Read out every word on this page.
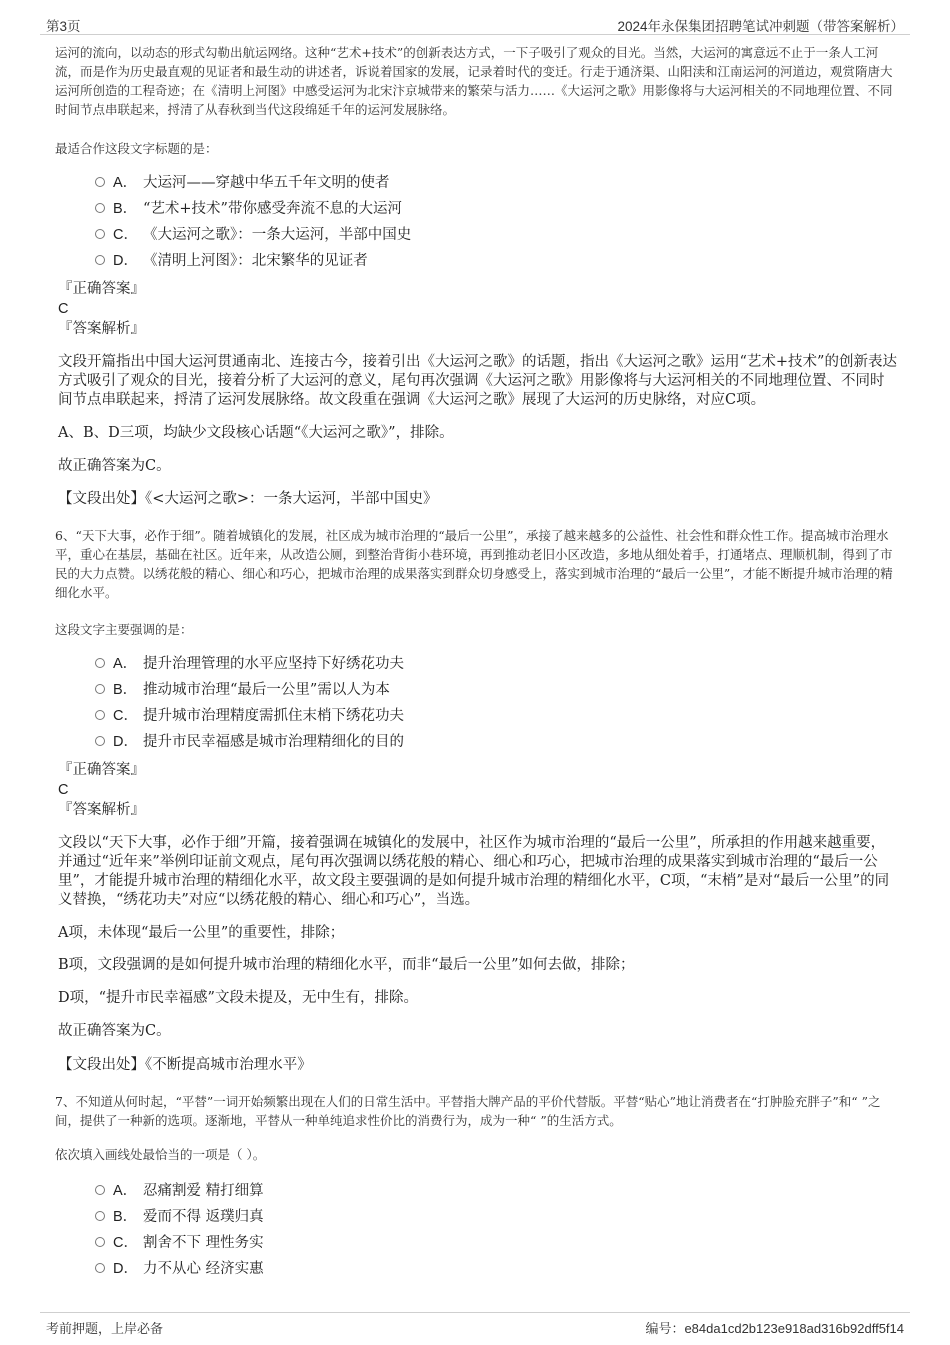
第3页	2024年永保集团招聘笔试冲刺题（带答案解析）

运河的流向，以动态的形式勾勒出航运网络。这种“艺术+技术”的创新表达方式，一下子吸引了观众的目光。当然，大运河的寓意远不止于一条人工河流，而是作为历史最直观的见证者和最生动的讲述者，诉说着国家的发展，记录着时代的变迁。行走于通济渠、山阳渎和江南运河的河道边，观赏隋唐大运河所创造的工程奇迹；在《清明上河图》中感受运河为北宋汴京城带来的繁荣与活力……《大运河之歌》用影像将与大运河相关的不同地理位置、不同时间节点串联起来，捋清了从春秋到当代这段绵延千年的运河发展脉络。

最适合作这段文字标题的是：

A． 大运河——穿越中华五千年文明的使者
B． “艺术+技术”带你感受奔流不息的大运河
C． 《大运河之歌》：一条大运河，半部中国史
D． 《清明上河图》：北宋繁华的见证者

『正确答案』

C

『答案解析』

文段开篇指出中国大运河贯通南北、连接古今，接着引出《大运河之歌》的话题，指出《大运河之歌》运用“艺术+技术”的创新表达方式吸引了观众的目光，接着分析了大运河的意义，尾句再次强调《大运河之歌》用影像将与大运河相关的不同地理位置、不同时间节点串联起来，捋清了运河发展脉络。故文段重在强调《大运河之歌》展现了大运河的历史脉络，对应C项。

A、B、D三项，均缺少文段核心话题“《大运河之歌》”，排除。

故正确答案为C。

【文段出处】《<大运河之歌>：一条大运河，半部中国史》

6、“天下大事，必作于细”。随着城镇化的发展，社区成为城市治理的“最后一公里”，承接了越来越多的公益性、社会性和群众性工作。提高城市治理水平，重心在基层，基础在社区。近年来，从改造公厕，到整治背街小巷环境，再到推动老旧小区改造，多地从细处着手，打通堵点、理顺机制，得到了市民的大力点赞。以绣花般的精心、细心和巧心，把城市治理的成果落实到群众切身感受上，落实到城市治理的“最后一公里”，才能不断提升城市治理的精细化水平。

这段文字主要强调的是：

A． 提升治理管理的水平应坚持下好绣花功夫
B． 推动城市治理“最后一公里”需以人为本
C． 提升城市治理精度需抓住末梢下绣花功夫
D． 提升市民幸福感是城市治理精细化的目的

『正确答案』

C

『答案解析』

文段以“天下大事，必作于细”开篇，接着强调在城镇化的发展中，社区作为城市治理的“最后一公里”，所承担的作用越来越重要，并通过“近年来”举例印证前文观点，尾句再次强调以绣花般的精心、细心和巧心，把城市治理的成果落实到城市治理的“最后一公里”，才能提升城市治理的精细化水平，故文段主要强调的是如何提升城市治理的精细化水平，C项，“末梢”是对“最后一公里”的同义替换，“绣花功夫”对应“以绣花般的精心、细心和巧心”，当选。

A项，未体现“最后一公里”的重要性，排除；

B项，文段强调的是如何提升城市治理的精细化水平，而非“最后一公里”如何去做，排除；

D项，“提升市民幸福感”文段未提及，无中生有，排除。

故正确答案为C。

【文段出处】《不断提高城市治理水平》

7、不知道从何时起，“平替”一词开始频繁出现在人们的日常生活中。平替指大牌产品的平价代替版。平替“贴心”地让消费者在“打肿脸充胖子”和“ ”之间，提供了一种新的选项。逐渐地，平替从一种单纯追求性价比的消费行为，成为一种“ ”的生活方式。

依次填入画线处最恰当的一项是（ ）。

A． 忍痛割爱 精打细算
B． 爱而不得 返璞归真
C． 割舍不下 理性务实
D． 力不从心 经济实惠
考前押题，上岸必备	编号：e84da1cd2b123e918ad316b92dff5f14
